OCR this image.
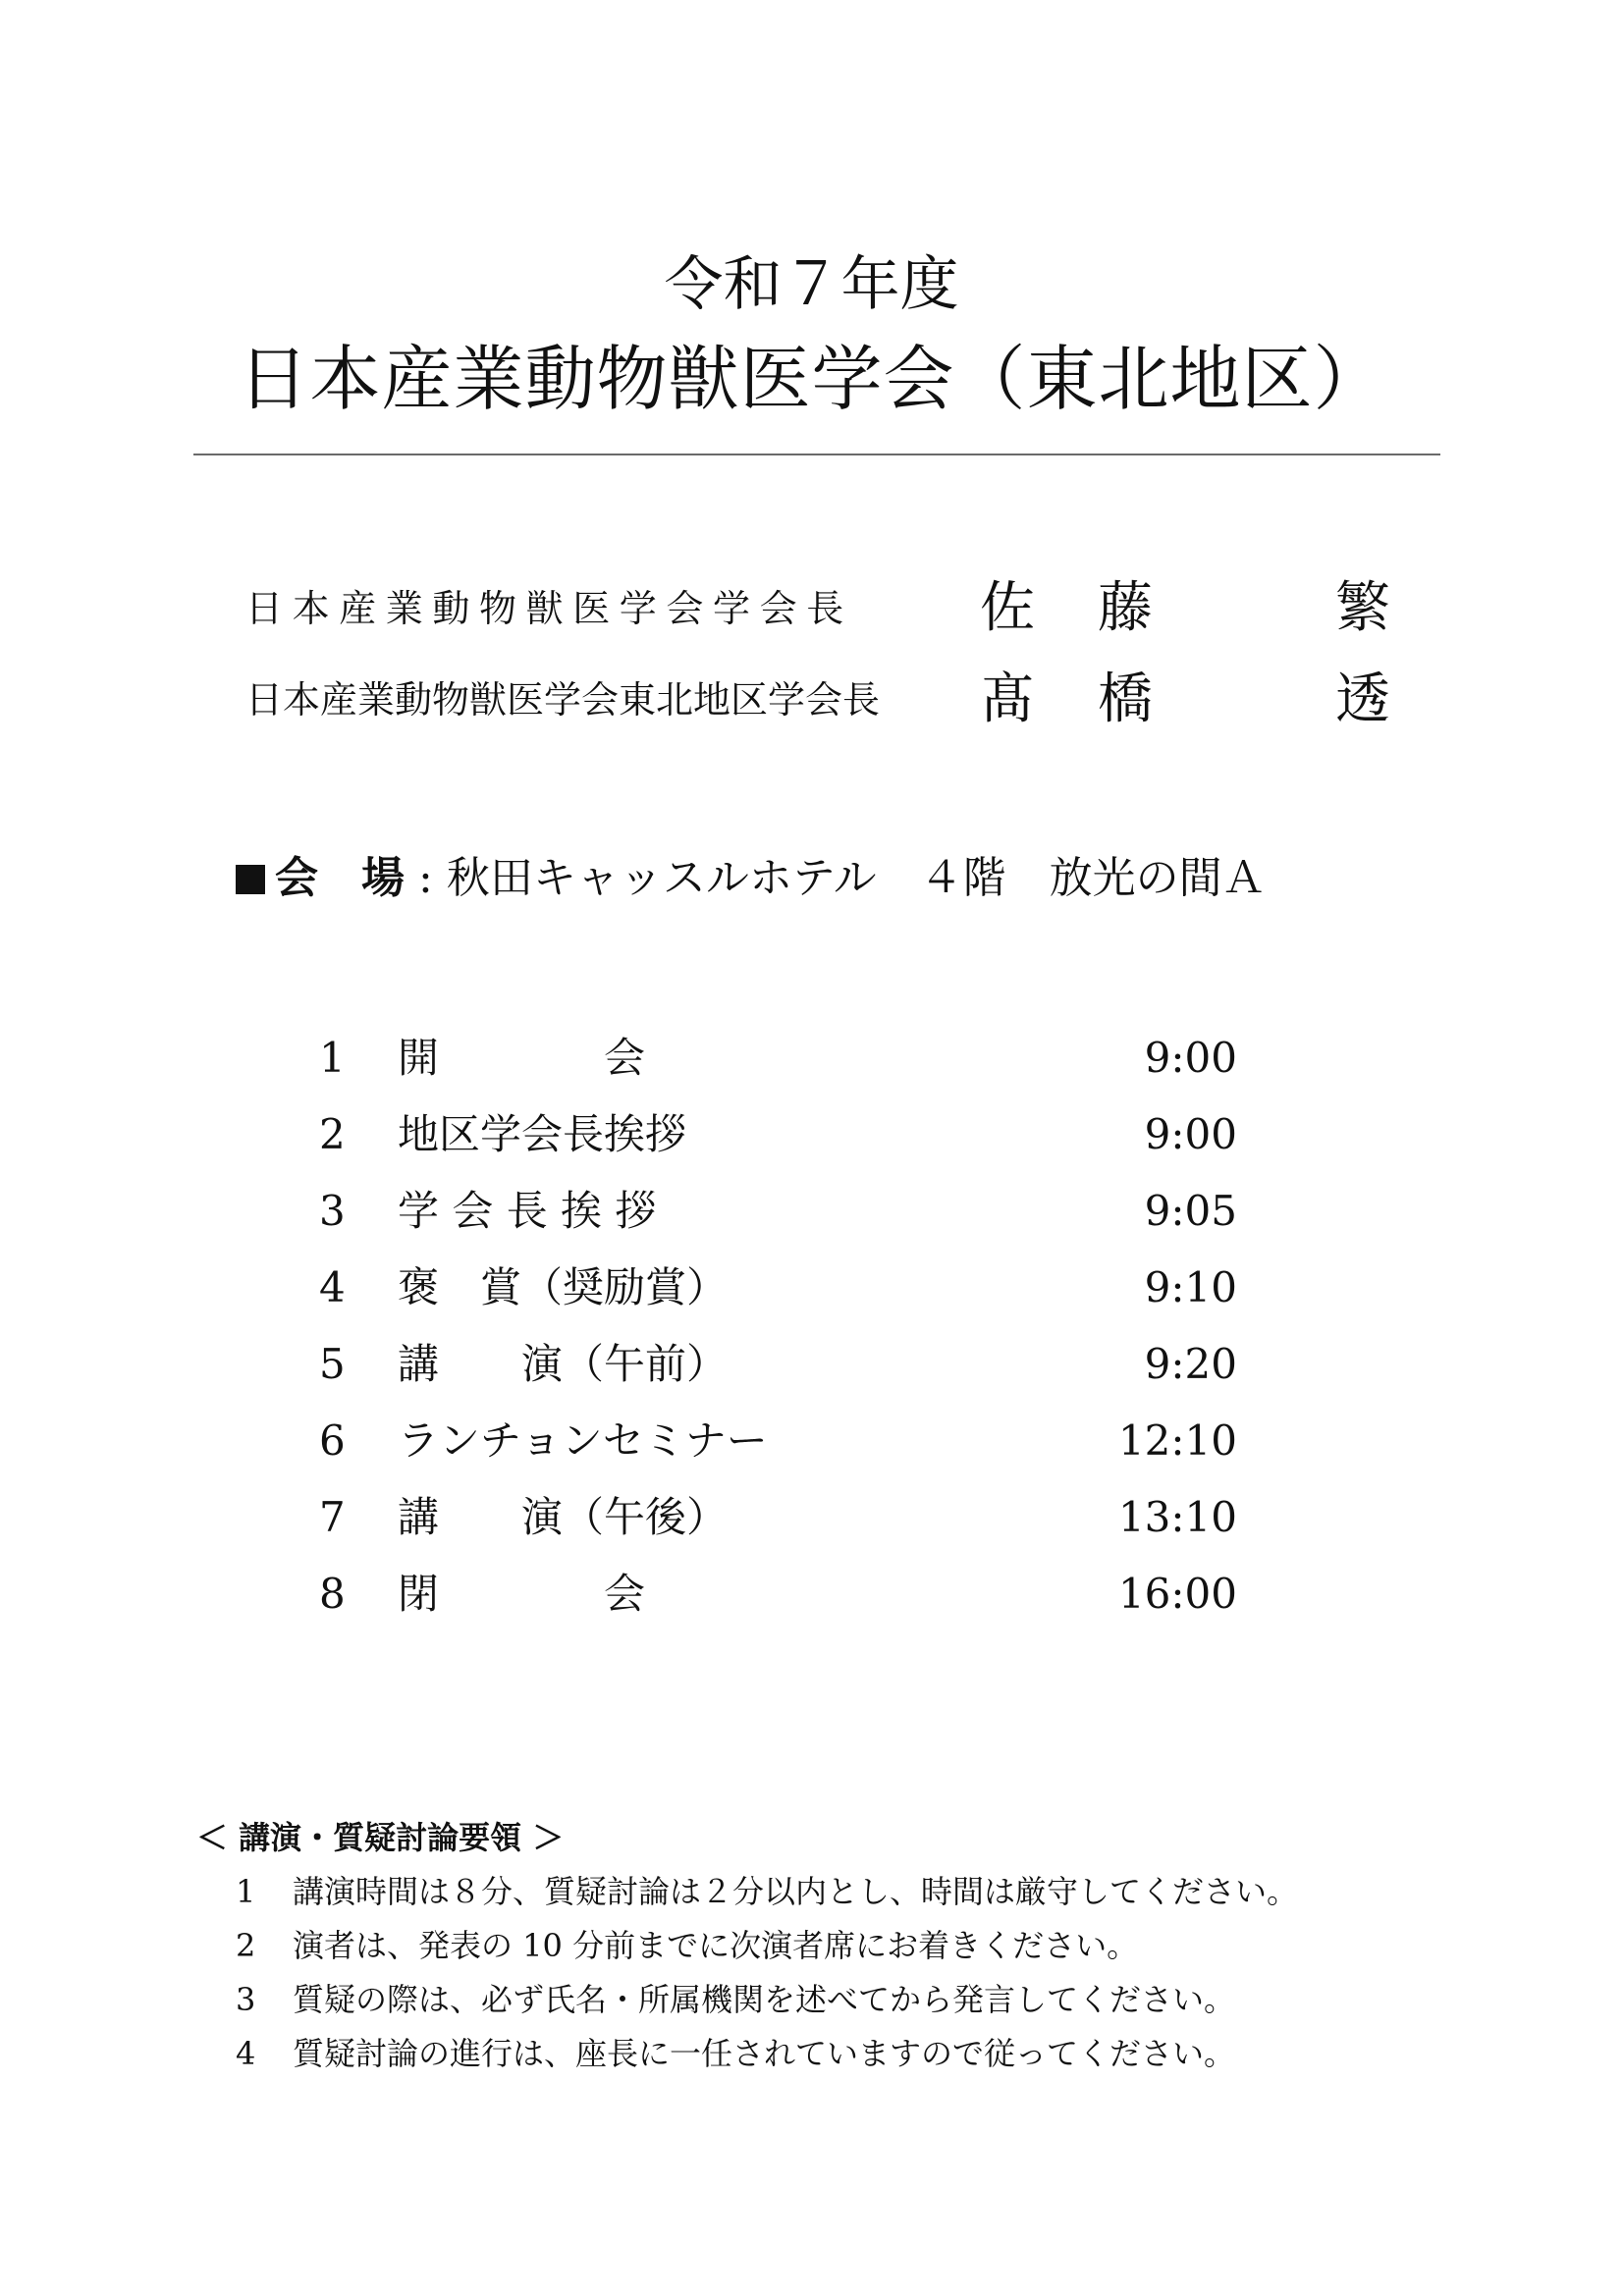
令和７年度
日本産業動物獣医学会（東北地区）
日本産業動物獣医学会学会長 佐 藤	繁
日本産業動物獣医学会東北地区学会長 髙 橋	透
会　場 : 秋田キャッスルホテル　４階　放光の間Ａ
1 開　　　　会	9:00
2 地区学会長挨拶	9:00
3 学 会 長 挨 拶	9:05
4 褒　賞（奨励賞）	9:10
5 講　　演（午前）	9:20
6 ランチョンセミナー	12:10
7 講　　演（午後）	13:10
8 閉　　　　会	16:00
＜ 講演・質疑討論要領 ＞
1 講演時間は８分、質疑討論は２分以内とし、時間は厳守してください。
2 演者は、発表の 10 分前までに次演者席にお着きください。
3 質疑の際は、必ず氏名・所属機関を述べてから発言してください。
4 質疑討論の進行は、座長に一任されていますので従ってください。
